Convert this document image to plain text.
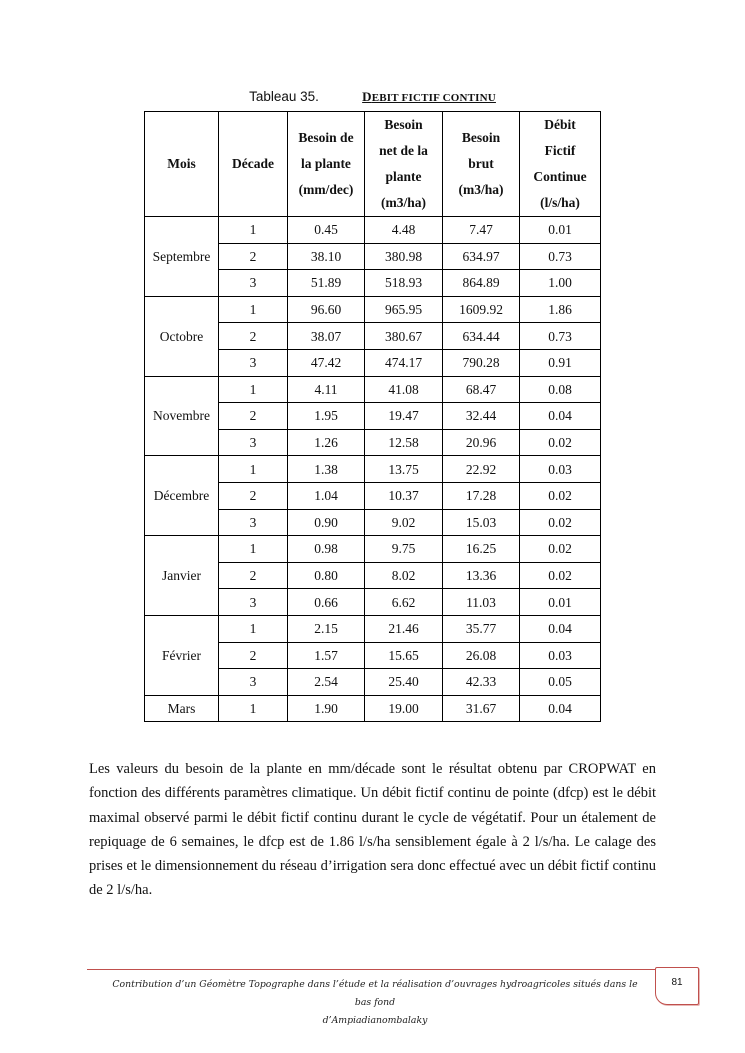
Tableau 35.	DEBIT FICTIF CONTINU
Mois	Décade	Besoin de
la plante
(mm/dec)	Besoin
net de la
plante
(m3/ha)	Besoin
brut
(m3/ha)	Débit
Fictif
Continue
(l/s/ha)
Septembre	1	0.45	4.48	7.47	0.01
	2	38.10	380.98	634.97	0.73
	3	51.89	518.93	864.89	1.00
Octobre	1	96.60	965.95	1609.92	1.86
	2	38.07	380.67	634.44	0.73
	3	47.42	474.17	790.28	0.91
Novembre	1	4.11	41.08	68.47	0.08
	2	1.95	19.47	32.44	0.04
	3	1.26	12.58	20.96	0.02
Décembre	1	1.38	13.75	22.92	0.03
	2	1.04	10.37	17.28	0.02
	3	0.90	9.02	15.03	0.02
Janvier	1	0.98	9.75	16.25	0.02
	2	0.80	8.02	13.36	0.02
	3	0.66	6.62	11.03	0.01
Février	1	2.15	21.46	35.77	0.04
	2	1.57	15.65	26.08	0.03
	3	2.54	25.40	42.33	0.05
Mars	1	1.90	19.00	31.67	0.04

Les valeurs du besoin de la plante en mm/décade sont le résultat obtenu par CROPWAT en fonction des différents paramètres climatique. Un débit fictif continu de pointe (dfcp) est le débit maximal observé parmi le débit fictif continu durant le cycle de végétatif. Pour un étalement de repiquage de 6 semaines, le dfcp est de 1.86 l/s/ha sensiblement égale à 2 l/s/ha. Le calage des prises et le dimensionnement du réseau d’irrigation sera donc effectué avec un débit fictif continu de 2 l/s/ha.

Contribution d’un Géomètre Topographe dans l’étude et la réalisation d’ouvrages hydroagricoles situés dans le bas fond
d’Ampiadianombalaky
81
